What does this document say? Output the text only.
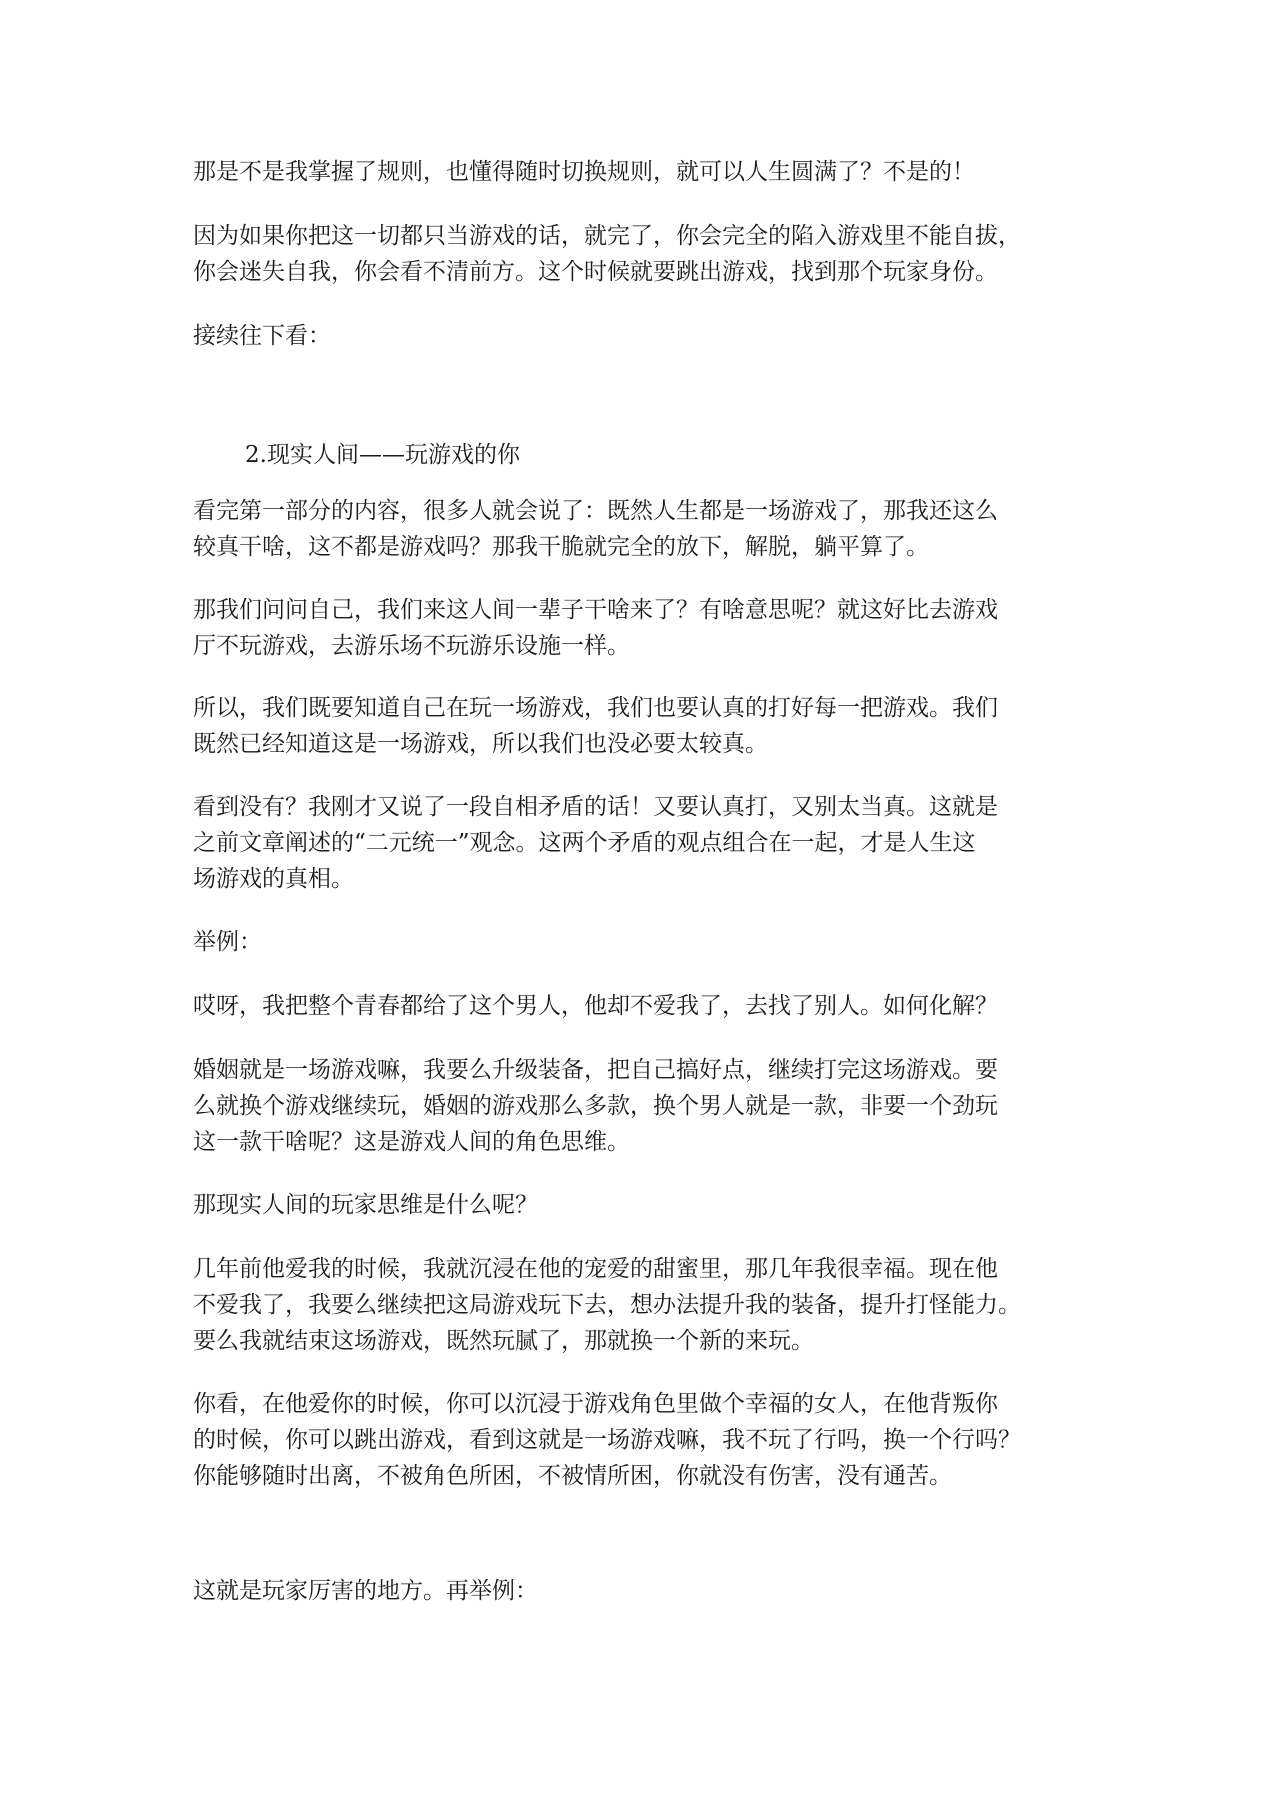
那是不是我掌握了规则，也懂得随时切换规则，就可以人生圆满了？不是的！

因为如果你把这一切都只当游戏的话，就完了，你会完全的陷入游戏里不能自拔，
你会迷失自我，你会看不清前方。这个时候就要跳出游戏，找到那个玩家身份。

接续往下看：

2.现实人间——玩游戏的你

看完第一部分的内容，很多人就会说了：既然人生都是一场游戏了，那我还这么
较真干啥，这不都是游戏吗？那我干脆就完全的放下，解脱，躺平算了。

那我们问问自己，我们来这人间一辈子干啥来了？有啥意思呢？就这好比去游戏
厅不玩游戏，去游乐场不玩游乐设施一样。

所以，我们既要知道自己在玩一场游戏，我们也要认真的打好每一把游戏。我们
既然已经知道这是一场游戏，所以我们也没必要太较真。

看到没有？我刚才又说了一段自相矛盾的话！又要认真打，又别太当真。这就是
之前文章阐述的“二元统一”观念。这两个矛盾的观点组合在一起，才是人生这
场游戏的真相。

举例：

哎呀，我把整个青春都给了这个男人，他却不爱我了，去找了别人。如何化解？

婚姻就是一场游戏嘛，我要么升级装备，把自己搞好点，继续打完这场游戏。要
么就换个游戏继续玩，婚姻的游戏那么多款，换个男人就是一款，非要一个劲玩
这一款干啥呢？这是游戏人间的角色思维。

那现实人间的玩家思维是什么呢？

几年前他爱我的时候，我就沉浸在他的宠爱的甜蜜里，那几年我很幸福。现在他
不爱我了，我要么继续把这局游戏玩下去，想办法提升我的装备，提升打怪能力。
要么我就结束这场游戏，既然玩腻了，那就换一个新的来玩。

你看，在他爱你的时候，你可以沉浸于游戏角色里做个幸福的女人，在他背叛你
的时候，你可以跳出游戏，看到这就是一场游戏嘛，我不玩了行吗，换一个行吗？
你能够随时出离，不被角色所困，不被情所困，你就没有伤害，没有通苦。

这就是玩家厉害的地方。再举例：
